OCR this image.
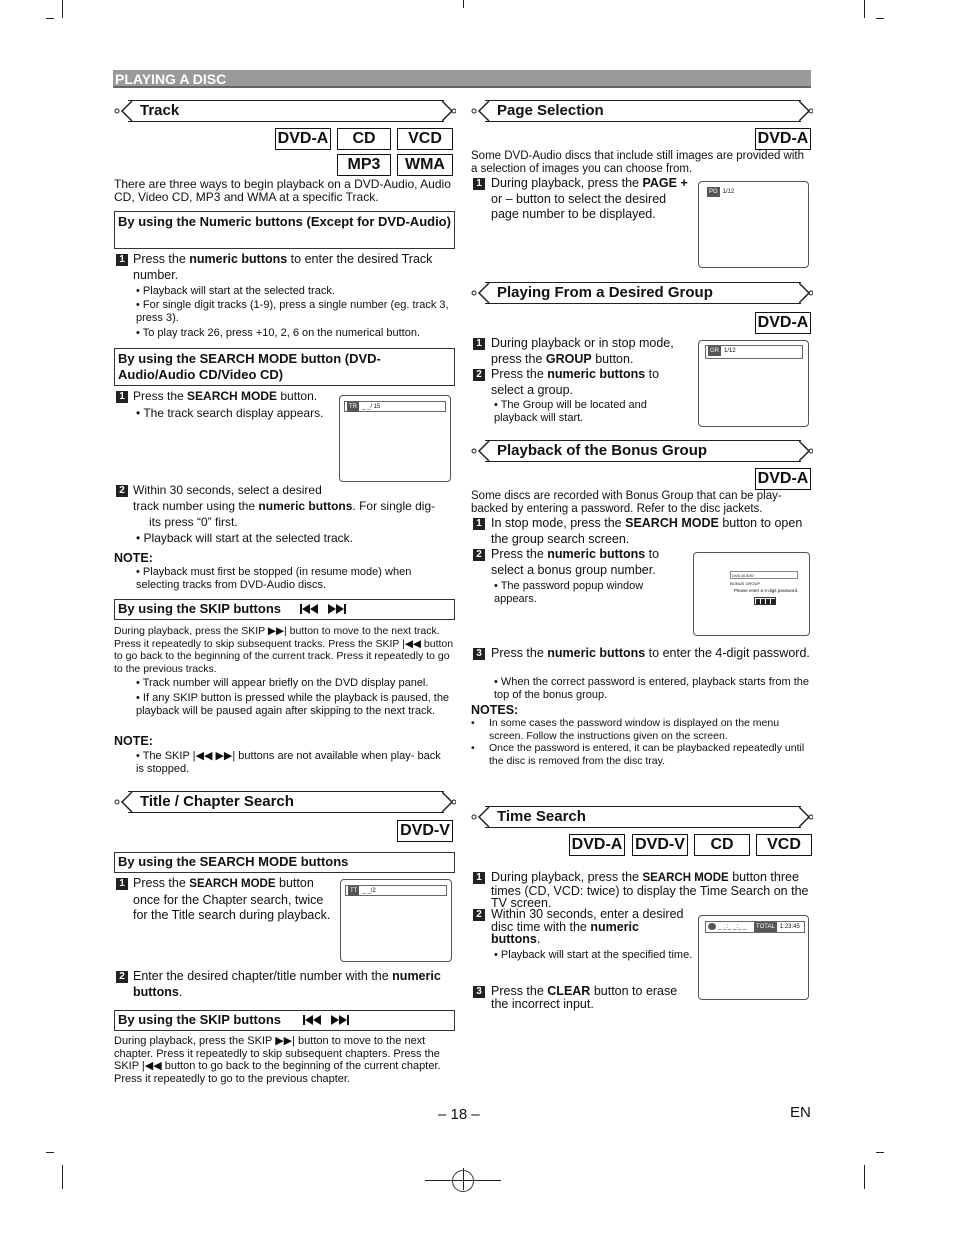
PLAYING A DISC
Track
DVD-A	CD	VCD
MP3	WMA
There are three ways to begin playback on a DVD-Audio, Audio CD, Video CD, MP3 and WMA at a specific Track.
By using the Numeric buttons (Except for DVD-Audio)
1 Press the numeric buttons to enter the desired Track number.
• Playback will start at the selected track.
• For single digit tracks (1-9), press a single number (eg. track 3, press 3).
• To play track 26, press +10, 2, 6 on the numerical button.
By using the SEARCH MODE button (DVD-Audio/Audio CD/Video CD)
1 Press the SEARCH MODE button.
• The track search display appears.	TR _ _/ 15
2 Within 30 seconds, select a desired
track number using the numeric buttons. For single dig-
its press “0” first.
• Playback will start at the selected track.
NOTE:
• Playback must first be stopped (in resume mode) when selecting tracks from DVD-Audio discs.
By using the SKIP buttons
During playback, press the SKIP ▶▶| button to move to the next track. Press it repeatedly to skip subsequent tracks. Press the SKIP |◀◀ button to go back to the beginning of the current track. Press it repeatedly to go to the previous tracks.
• Track number will appear briefly on the DVD display panel.
• If any SKIP button is pressed while the playback is paused, the playback will be paused again after skipping to the next track.
NOTE:
• The SKIP |◀◀ ▶▶| buttons are not available when play- back is stopped.
Title / Chapter Search
DVD-V
By using the SEARCH MODE buttons
1 Press the SEARCH MODE button once for the Chapter search, twice for the Title search during playback.
TT _ _/2
2 Enter the desired chapter/title number with the numeric buttons.
By using the SKIP buttons
During playback, press the SKIP ▶▶| button to move to the next chapter. Press it repeatedly to skip subsequent chapters. Press the SKIP |◀◀ button to go back to the beginning of the current chapter. Press it repeatedly to go to the previous chapter.
Page Selection
DVD-A
Some DVD-Audio discs that include still images are provided with a selection of images you can choose from.
1 During playback, press the PAGE + or – button to select the desired page number to be displayed.
PG 1/12
Playing From a Desired Group
DVD-A
1 During playback or in stop mode, press the GROUP button.
2 Press the numeric buttons to select a group.
• The Group will be located and playback will start.
GR 1/12
Playback of the Bonus Group
DVD-A
Some discs are recorded with Bonus Group that can be play-backed by entering a password. Refer to the disc jackets.
1 In stop mode, press the SEARCH MODE button to open the group search screen.
2 Press the numeric buttons to select a bonus group number.
• The password popup window appears.
DVD AUDIO
BONUS GROUP
Please enter a 4-digit password.
3 Press the numeric buttons to enter the 4-digit password.
• When the correct password is entered, playback starts from the top of the bonus group.
NOTES:
• In some cases the password window is displayed on the menu screen. Follow the instructions given on the screen.
• Once the password is entered, it can be playbacked repeatedly until the disc is removed from the disc tray.
Time Search
DVD-A DVD-V	CD	VCD
1 During playback, press the SEARCH MODE button three times (CD, VCD: twice) to display the Time Search on the TV screen.
2 Within 30 seconds, enter a desired disc time with the numeric buttons.
• Playback will start at the specified time.
_ _:_ _:_ _ TOTAL 1:23:45
3 Press the CLEAR button to erase the incorrect input.
– 18 –	EN
